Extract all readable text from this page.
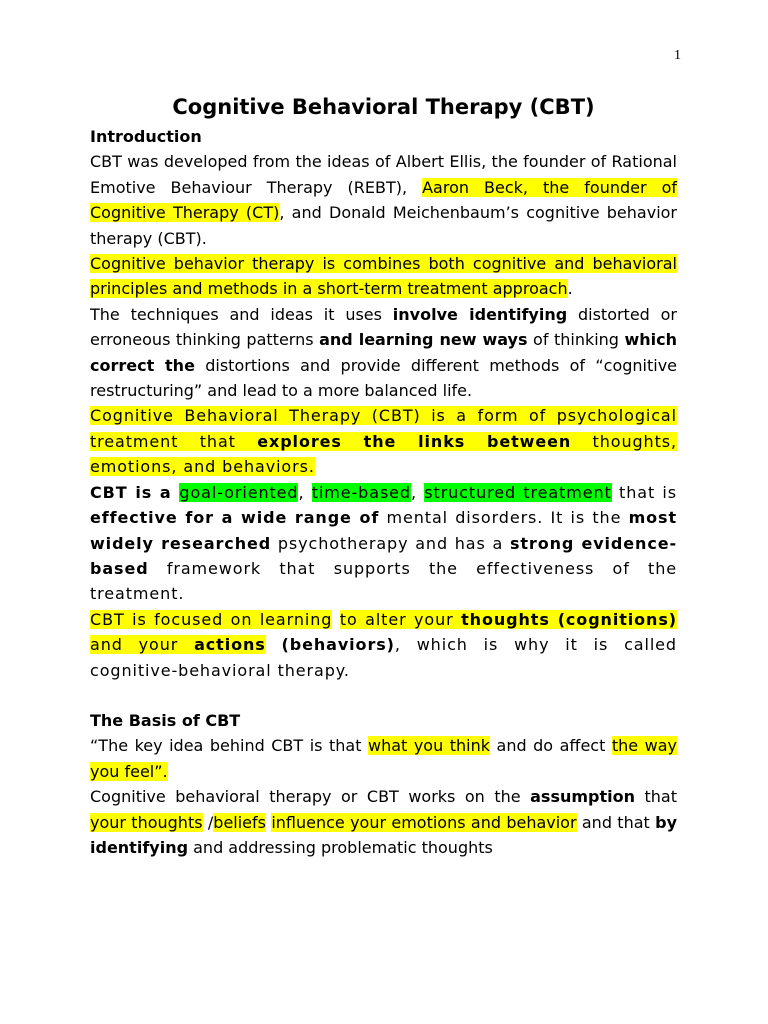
1
Cognitive Behavioral Therapy (CBT)
Introduction

CBT was developed from the ideas of Albert Ellis, the founder of Rational Emotive Behaviour Therapy (REBT), Aaron Beck, the founder of Cognitive Therapy (CT), and Donald Meichenbaum’s cognitive behavior therapy (CBT).

Cognitive behavior therapy is combines both cognitive and behavioral principles and methods in a short-term treatment approach.

The techniques and ideas it uses involve identifying distorted or erroneous thinking patterns and learning new ways of thinking which correct the distortions and provide different methods of “cognitive restructuring” and lead to a more balanced life.

Cognitive Behavioral Therapy (CBT) is a form of psychological treatment that explores the links between thoughts, emotions, and behaviors.

CBT is a goal-oriented, time-based, structured treatment that is effective for a wide range of mental disorders. It is the most widely researched psychotherapy and has a strong evidence-based framework that supports the effectiveness of the treatment.

CBT is focused on learning to alter your thoughts (cognitions) and your actions (behaviors), which is why it is called cognitive-behavioral therapy.

The Basis of CBT

“The key idea behind CBT is that what you think and do affect the way you feel”.

Cognitive behavioral therapy or CBT works on the assumption that your thoughts /beliefs influence your emotions and behavior and that by identifying and addressing problematic thoughts
